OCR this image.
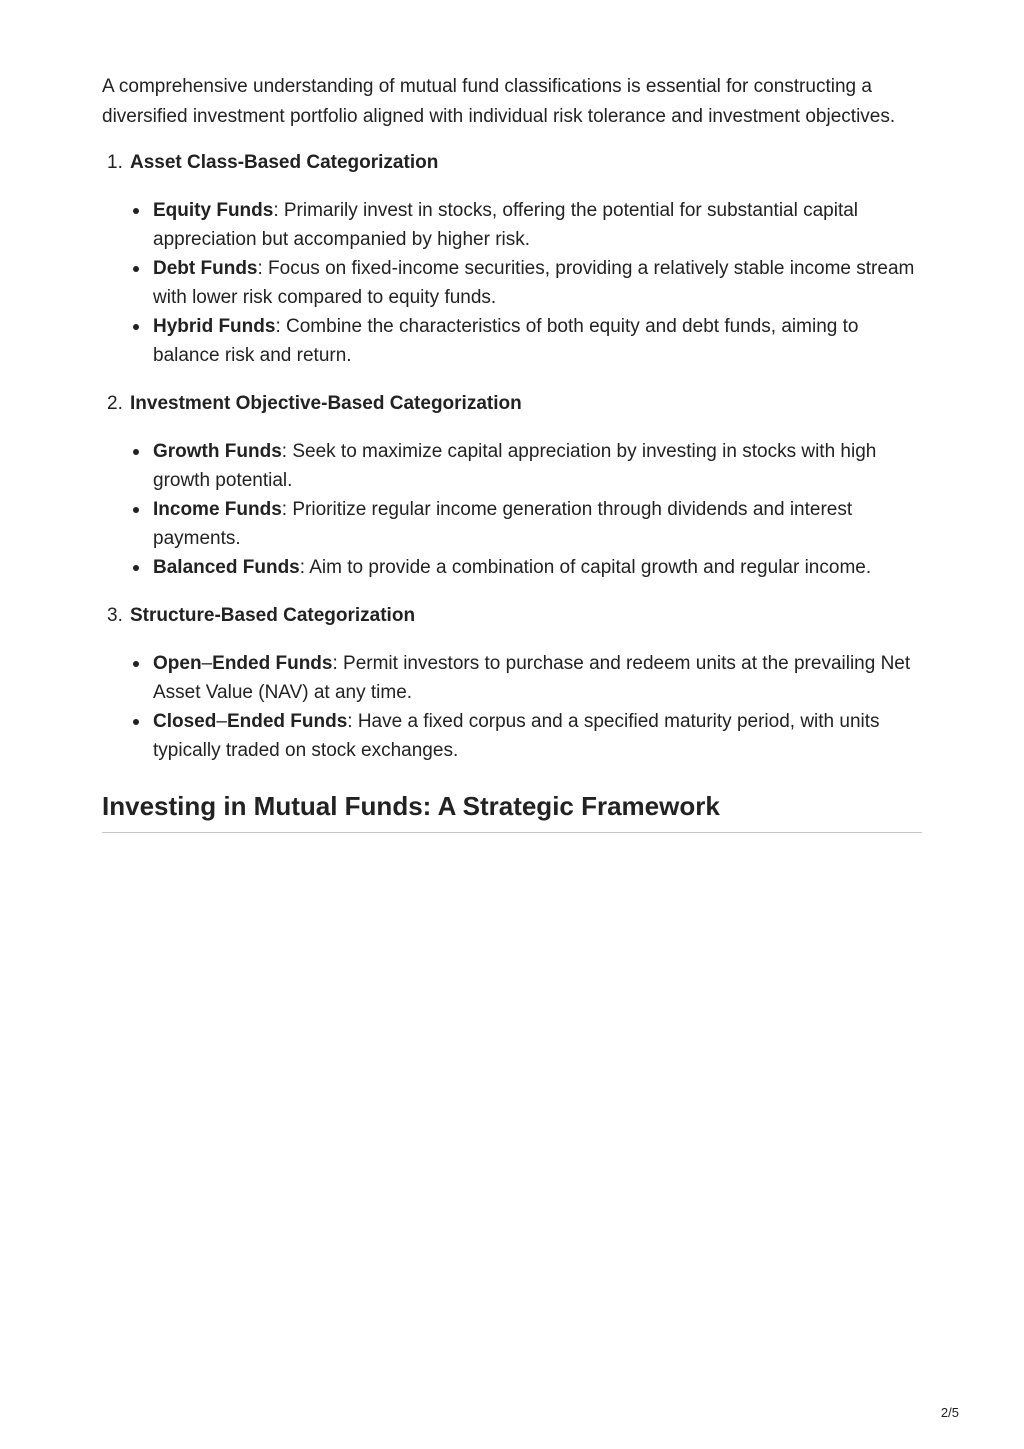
A comprehensive understanding of mutual fund classifications is essential for constructing a diversified investment portfolio aligned with individual risk tolerance and investment objectives.

1. Asset Class-Based Categorization
Equity Funds: Primarily invest in stocks, offering the potential for substantial capital appreciation but accompanied by higher risk.
Debt Funds: Focus on fixed-income securities, providing a relatively stable income stream with lower risk compared to equity funds.
Hybrid Funds: Combine the characteristics of both equity and debt funds, aiming to balance risk and return.
2. Investment Objective-Based Categorization
Growth Funds: Seek to maximize capital appreciation by investing in stocks with high growth potential.
Income Funds: Prioritize regular income generation through dividends and interest payments.
Balanced Funds: Aim to provide a combination of capital growth and regular income.
3. Structure-Based Categorization
Open–Ended Funds: Permit investors to purchase and redeem units at the prevailing Net Asset Value (NAV) at any time.
Closed–Ended Funds: Have a fixed corpus and a specified maturity period, with units typically traded on stock exchanges.
Investing in Mutual Funds: A Strategic Framework
2/5
